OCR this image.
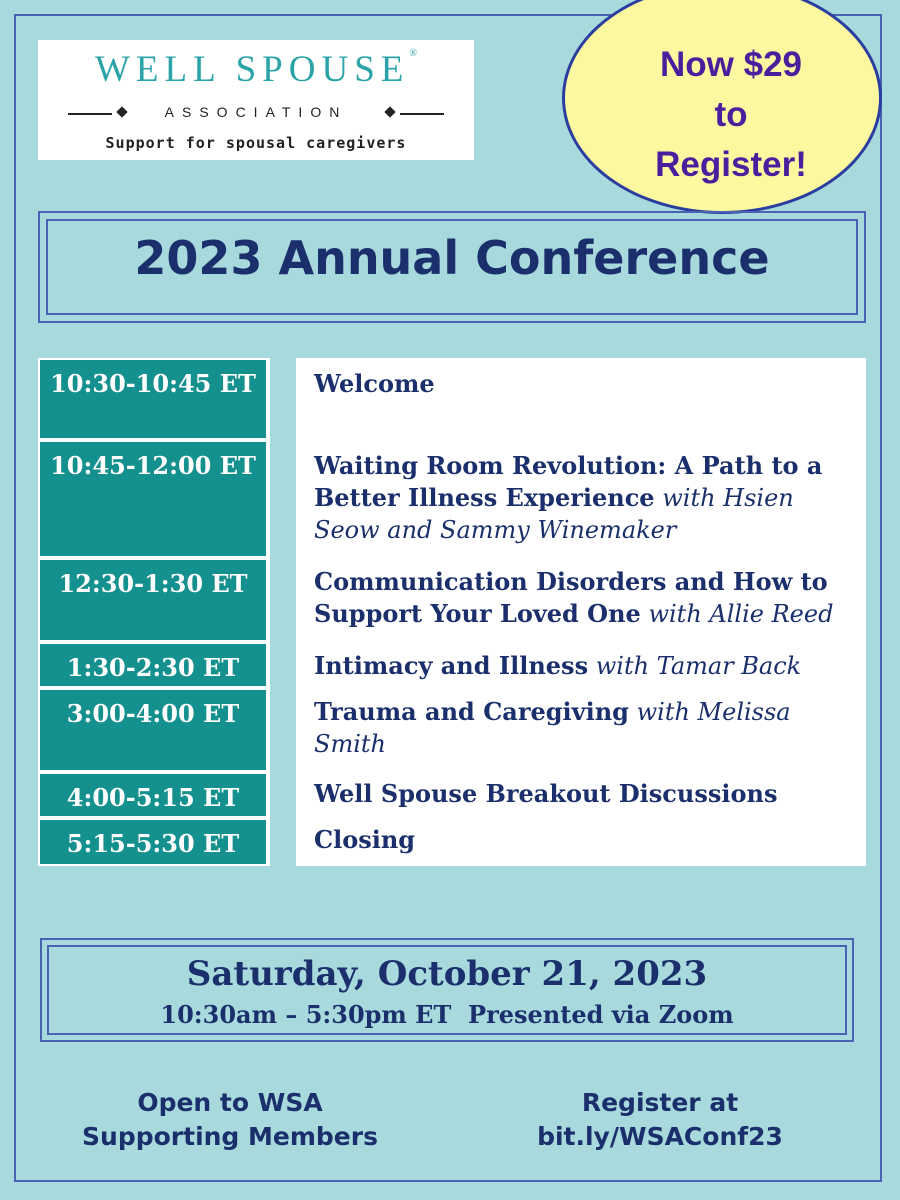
WELL SPOUSE®
ASSOCIATION
Support for spousal caregivers
Now $29
to
Register!
2023 Annual Conference
10:30-10:45 ET	Welcome
10:45-12:00 ET	Waiting Room Revolution: A Path to a Better Illness Experience with Hsien Seow and Sammy Winemaker
12:30-1:30 ET	Communication Disorders and How to Support Your Loved One with Allie Reed
1:30-2:30 ET	Intimacy and Illness with Tamar Back
3:00-4:00 ET	Trauma and Caregiving with Melissa Smith
4:00-5:15 ET	Well Spouse Breakout Discussions
5:15-5:30 ET	Closing
Saturday, October 21, 2023
10:30am – 5:30pm ET  Presented via Zoom
Open to WSA
Supporting Members
Register at
bit.ly/WSAConf23
